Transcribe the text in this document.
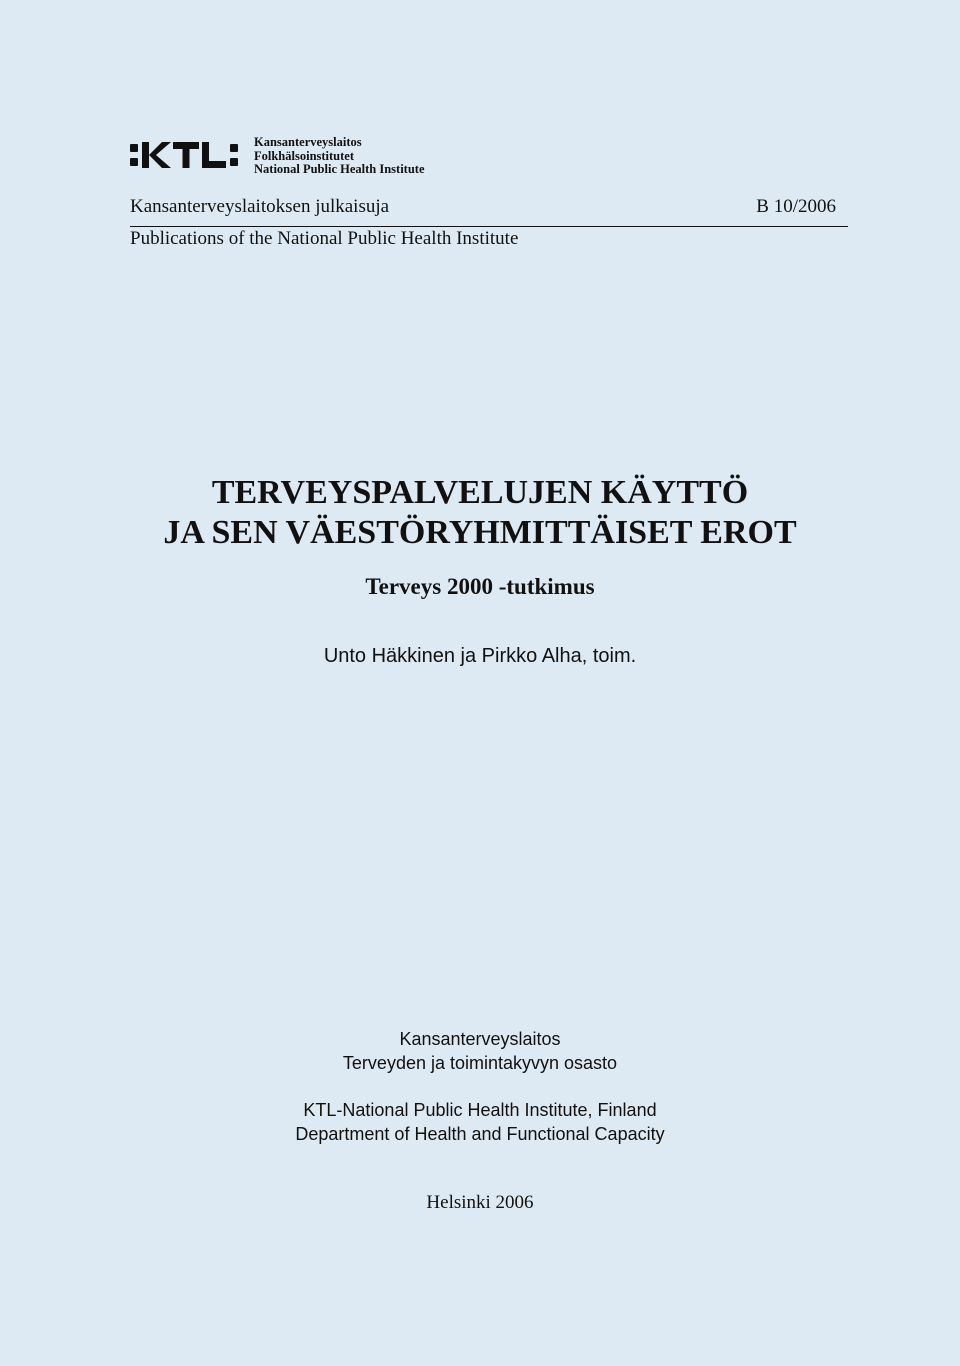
Kansanterveyslaitos
Folkhälsoinstitutet
National Public Health Institute
Kansanterveyslaitoksen julkaisuja	B 10/2006
Publications of the National Public Health Institute
TERVEYSPALVELUJEN KÄYTTÖ
JA SEN VÄESTÖRYHMITTÄISET EROT
Terveys 2000 -tutkimus
Unto Häkkinen ja Pirkko Alha, toim.
Kansanterveyslaitos
Terveyden ja toimintakyvyn osasto
KTL-National Public Health Institute, Finland
Department of Health and Functional Capacity
Helsinki 2006
